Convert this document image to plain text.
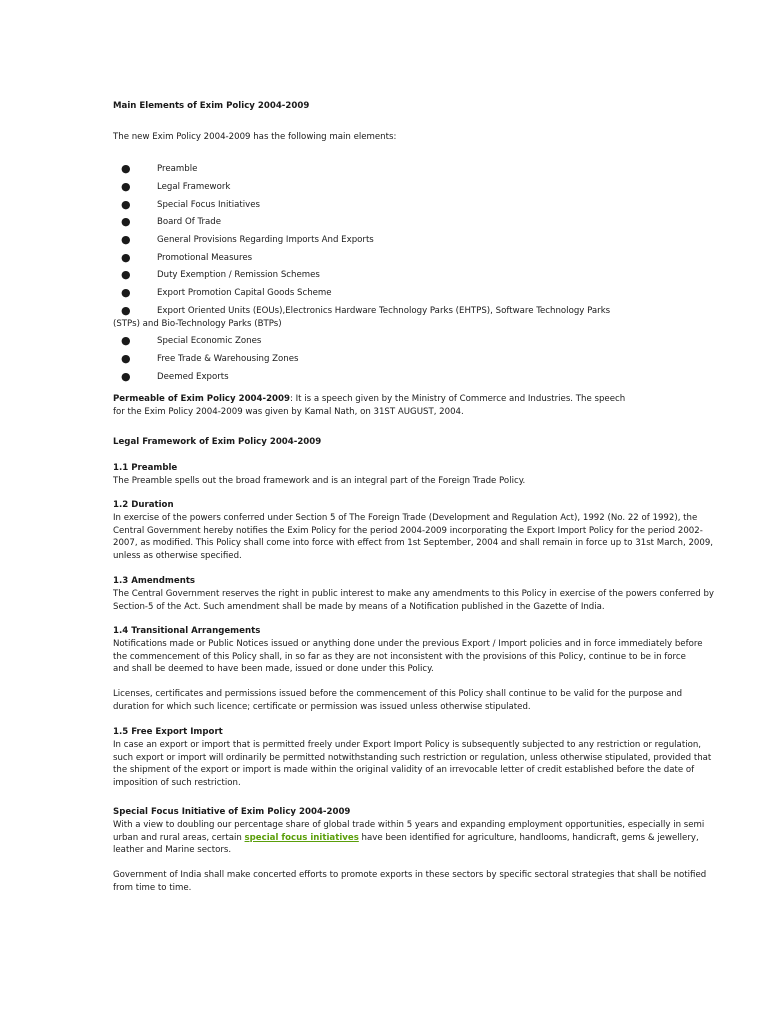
Main Elements of Exim Policy 2004-2009
The new Exim Policy 2004-2009 has the following main elements:
●	Preamble
●	Legal Framework
●	Special Focus Initiatives
●	Board Of Trade
●	General Provisions Regarding Imports And Exports
●	Promotional Measures
●	Duty Exemption / Remission Schemes
●	Export Promotion Capital Goods Scheme
●	Export Oriented Units (EOUs),Electronics Hardware Technology Parks (EHTPS), Software Technology Parks (STPs) and Bio-Technology Parks (BTPs)
●	Special Economic Zones
●	Free Trade & Warehousing Zones
●	Deemed Exports
Permeable of Exim Policy 2004-2009: It is a speech given by the Ministry of Commerce and Industries. The speech for the Exim Policy 2004-2009 was given by Kamal Nath, on 31ST AUGUST, 2004.
Legal Framework of Exim Policy 2004-2009
1.1 Preamble
The Preamble spells out the broad framework and is an integral part of the Foreign Trade Policy.
1.2 Duration
In exercise of the powers conferred under Section 5 of The Foreign Trade (Development and Regulation Act), 1992 (No. 22 of 1992), the
Central Government hereby notifies the Exim Policy for the period 2004-2009 incorporating the Export Import Policy for the period 2002-
2007, as modified. This Policy shall come into force with effect from 1st September, 2004 and shall remain in force up to 31st March, 2009,
unless as otherwise specified.
1.3 Amendments
The Central Government reserves the right in public interest to make any amendments to this Policy in exercise of the powers conferred by
Section-5 of the Act. Such amendment shall be made by means of a Notification published in the Gazette of India.
1.4 Transitional Arrangements
Notifications made or Public Notices issued or anything done under the previous Export / Import policies and in force immediately before
the commencement of this Policy shall, in so far as they are not inconsistent with the provisions of this Policy, continue to be in force
and shall be deemed to have been made, issued or done under this Policy.
Licenses, certificates and permissions issued before the commencement of this Policy shall continue to be valid for the purpose and
duration for which such licence; certificate or permission was issued unless otherwise stipulated.
1.5 Free Export Import
In case an export or import that is permitted freely under Export Import Policy is subsequently subjected to any restriction or regulation,
such export or import will ordinarily be permitted notwithstanding such restriction or regulation, unless otherwise stipulated, provided that
the shipment of the export or import is made within the original validity of an irrevocable letter of credit established before the date of
imposition of such restriction.
Special Focus Initiative of Exim Policy 2004-2009
With a view to doubling our percentage share of global trade within 5 years and expanding employment opportunities, especially in semi
urban and rural areas, certain special focus initiatives have been identified for agriculture, handlooms, handicraft, gems & jewellery,
leather and Marine sectors.
Government of India shall make concerted efforts to promote exports in these sectors by specific sectoral strategies that shall be notified
from time to time.
